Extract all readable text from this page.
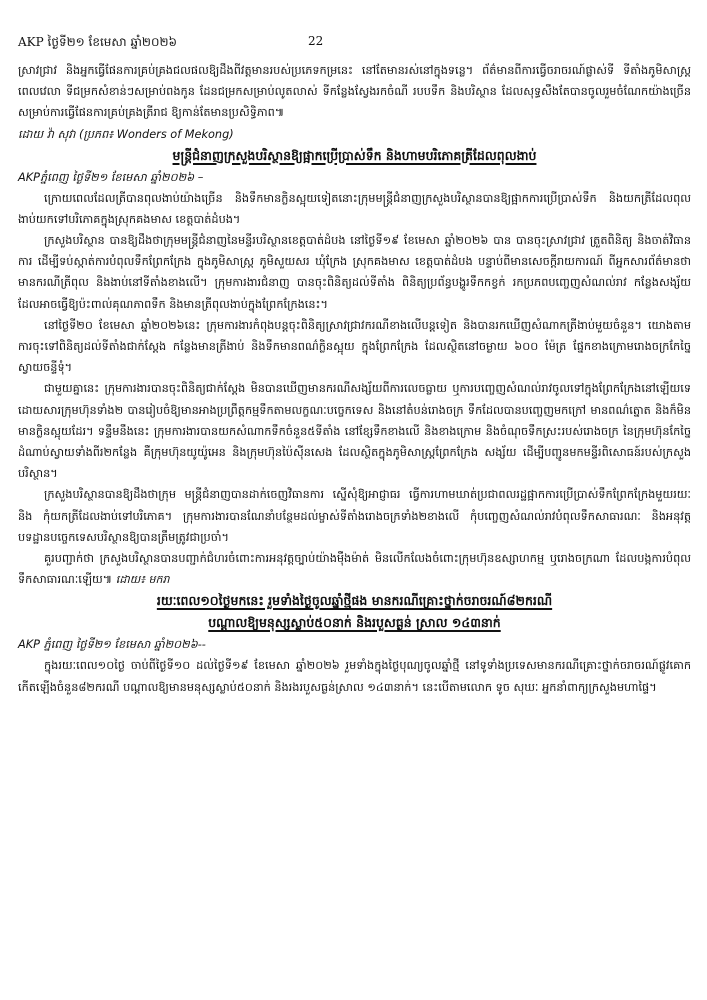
AKP ថ្ងៃទី២១ ខែមេសា ឆ្នាំ២០២៦	22

ស្រាវជ្រាវ និងអ្នកធ្វើផែនការគ្រប់គ្រងជលផលឱ្យដឹងពីវត្តមានរបស់ប្រភេទកម្រនេះ នៅតែមានរស់នៅក្នុងទន្លេ។ ព័ត៌មានពីការធ្វើចរាចរណ៍ផ្លាស់ទី ទីតាំងភូមិសាស្ត្រ ពេលវេលា ទីជម្រកសំខាន់ៗសម្រាប់ពងកូន ដែនជម្រកសម្រាប់លូតលាស់ ទីកន្លែងស្វែងរកចំណី របបទឹក និងបរិស្ថាន ដែលសុទ្ធសឹងតែបានចូលរួមចំណែកយ៉ាងច្រើន សម្រាប់ការធ្វើផែនការគ្រប់គ្រងត្រីរាជ ឱ្យកាន់តែមានប្រសិទ្ធិភាព៕

ដោយ វ៉ា សុវា (ប្រភព៖ Wonders of Mekong)
មន្ត្រីជំនាញក្រសួងបរិស្ថានឱ្យផ្អាកប្រើប្រាស់ទឹក និងហាមបរិភោគត្រីដែលពុលងាប់
AKPភ្នំពេញ ថ្ងៃទី២១ ខែមេសា ឆ្នាំ២០២៦ –

ក្រោយពេលដែលត្រីបានពុលងាប់យ៉ាងច្រើន និងទឹកមានក្លិនស្អុយទៀតនោះក្រុមមន្ត្រីជំនាញក្រសួងបរិស្ថានបានឱ្យផ្អាកការប្រើប្រាស់ទឹក និងយកត្រីដែលពុលងាប់យកទៅបរិភោគក្នុងស្រុកគងមាស ខេត្តបាត់ដំបង។

ក្រសួងបរិស្ថាន បានឱ្យដឹងថាក្រុមមន្ត្រីជំនាញនៃមន្ទីរបរិស្ថានខេត្តបាត់ដំបង នៅថ្ងៃទី១៩ ខែមេសា ឆ្នាំ២០២៦ បាន បានចុះស្រាវជ្រាវ ត្រួតពិនិត្យ និងចាត់វិធានការ ដើម្បីទប់ស្កាត់ការបំពុលទឹកព្រែកក្រែង ក្នុងភូមិសាស្ត្រ ភូមិសួយសរ ឃុំក្រែង ស្រុកគងមាស ខេត្តបាត់ដំបង បន្ទាប់ពីមានសេចក្តីរាយការណ៍ ពីអ្នកសារព័ត៌មានថា មានករណីត្រីពុល និងងាប់នៅទីតាំងខាងលើ។ ក្រុមការងារជំនាញ បានចុះពិនិត្យដល់ទីតាំង ពិនិត្យប្រព័ន្ធបង្ហូរទឹកកខ្វក់ រកប្រភពបញ្ចេញសំណល់រាវ កន្លែងសង្ស័យដែលអាចធ្វើឱ្យប៉ះពាល់គុណភាពទឹក និងមានត្រីពុលងាប់ក្នុងព្រែកក្រែងនេះ។

នៅថ្ងៃទី២០ ខែមេសា ឆ្នាំ២០២៦នេះ ក្រុមការងារកំពុងបន្តចុះពិនិត្យស្រាវជ្រាវករណីខាងលើបន្តទៀត និងបានរកឃើញសំណាកត្រីងាប់មួយចំនួន។ យោងតាមការចុះទៅពិនិត្យដល់ទីតាំងជាក់ស្តែង កន្លែងមានត្រីងាប់ និងទឹកមានពណ៌ក្លិនស្អុយ ក្នុងព្រែកក្រែង ដែលស្ថិតនៅចម្ងាយ ៦០០ ម៉ែត្រ ផ្នែកខាងក្រោមរោងចក្រកែច្នៃស្វាយចន្ទីទុំ។

ជាមួយគ្នានេះ ក្រុមការងារបានចុះពិនិត្យជាក់ស្តែង មិនបានឃើញមានករណីសង្ស័យពីការលេចធ្លាយ ឬការបញ្ចេញសំណល់រាវចូលទៅក្នុងព្រែកក្រែងនៅឡើយទេ ដោយសារក្រុមហ៊ុនទាំង២ បានរៀបចំឱ្យមានអាងប្រព្រឹត្តកម្មទឹកតាមលក្ខណៈបច្ចេកទេស និងនៅតំបន់រោងចក្រ ទឹកដែលបានបញ្ចេញមកក្រៅ មានពណ៌ត្នោត និងក៏មិនមានក្លិនស្អុយដែរ។ ទន្ទឹមនឹងនេះ ក្រុមការងារបានយកសំណាកទឹកចំនួន៥ទីតាំង នៅខ្សែទឹកខាងលើ និងខាងក្រោម និងចំណុចទឹកស្រះរបស់រោងចក្រ នៃក្រុមហ៊ុនកែច្នៃដំណាប់ស្វាយទាំងពីរ២កន្លែង គឺក្រុមហ៊ុនយូយ៉ូអេន និងក្រុមហ៊ុនប៉ៃស៊ីនសេង ដែលស្ថិតក្នុងភូមិសាស្ត្រព្រែកក្រែង សង្ស័យ ដើម្បីបញ្ជូនមកមន្ទីរពិសោធន៍របស់ក្រសួងបរិស្ថាន។

ក្រសួងបរិស្ថានបានឱ្យដឹងថាក្រុម មន្ត្រីជំនាញបានដាក់ចេញវិធានការ ស្នើសុំឱ្យអាជ្ញាធរ ធ្វើការហាមឃាត់ប្រជាពលរដ្ឋផ្អាកការប្រើប្រាស់ទឹកព្រែកក្រែងមួយរយៈ និង កុំយកត្រីដែលងាប់ទៅបរិភោគ។ ក្រុមការងារបានណែនាំបន្ថែមដល់ម្ចាស់ទីតាំងរោងចក្រទាំង២ខាងលើ កុំបញ្ចេញសំណល់រាវបំពុលទឹកសាធារណៈ និងអនុវត្តបទដ្ឋានបច្ចេកទេសបរិស្ថានឱ្យបានត្រឹមត្រូវជាប្រចាំ។

គួរបញ្ជាក់ថា ក្រសួងបរិស្ថានបានបញ្ជាក់ជំហរចំពោះការអនុវត្តច្បាប់យ៉ាងម៉ឺងម៉ាត់ មិនលើកលែងចំពោះក្រុមហ៊ុនឧស្សាហកម្ម ឬរោងចក្រណា ដែលបង្កការបំពុលទឹកសាធារណៈឡើយ៕ ដោយ៖ មករា

រយៈពេល១០ថ្ងៃមកនេះ រួមទាំងថ្ងៃចូលឆ្នាំថ្មីផង មានករណីគ្រោះថ្នាក់ចរាចរណ៍៨២ករណី
បណ្តាលឱ្យមនុស្សស្លាប់៥០នាក់ និងរបួសធ្ងន់ ស្រាល ១៤៣នាក់
AKP ភ្នំពេញ ថ្ងៃទី២១ ខែមេសា ឆ្នាំ២០២៦--

ក្នុងរយៈពេល១០ថ្ងៃ ចាប់ពីថ្ងៃទី១០ ដល់ថ្ងៃទី១៩ ខែមេសា ឆ្នាំ២០២៦ រួមទាំងក្នុងថ្ងៃបុណ្យចូលឆ្នាំថ្មី នៅទូទាំងប្រទេសមានករណីគ្រោះថ្នាក់ចរាចរណ៍ផ្លូវគោក កើតឡើងចំនួន៨២ករណី បណ្តាលឱ្យមានមនុស្សស្លាប់៥០នាក់ និងរងរបួសធ្ងន់ស្រាល ១៤៣នាក់។ នេះបើតាមលោក ទូច សុឃៈ អ្នកនាំពាក្យក្រសួងមហាផ្ទៃ។
